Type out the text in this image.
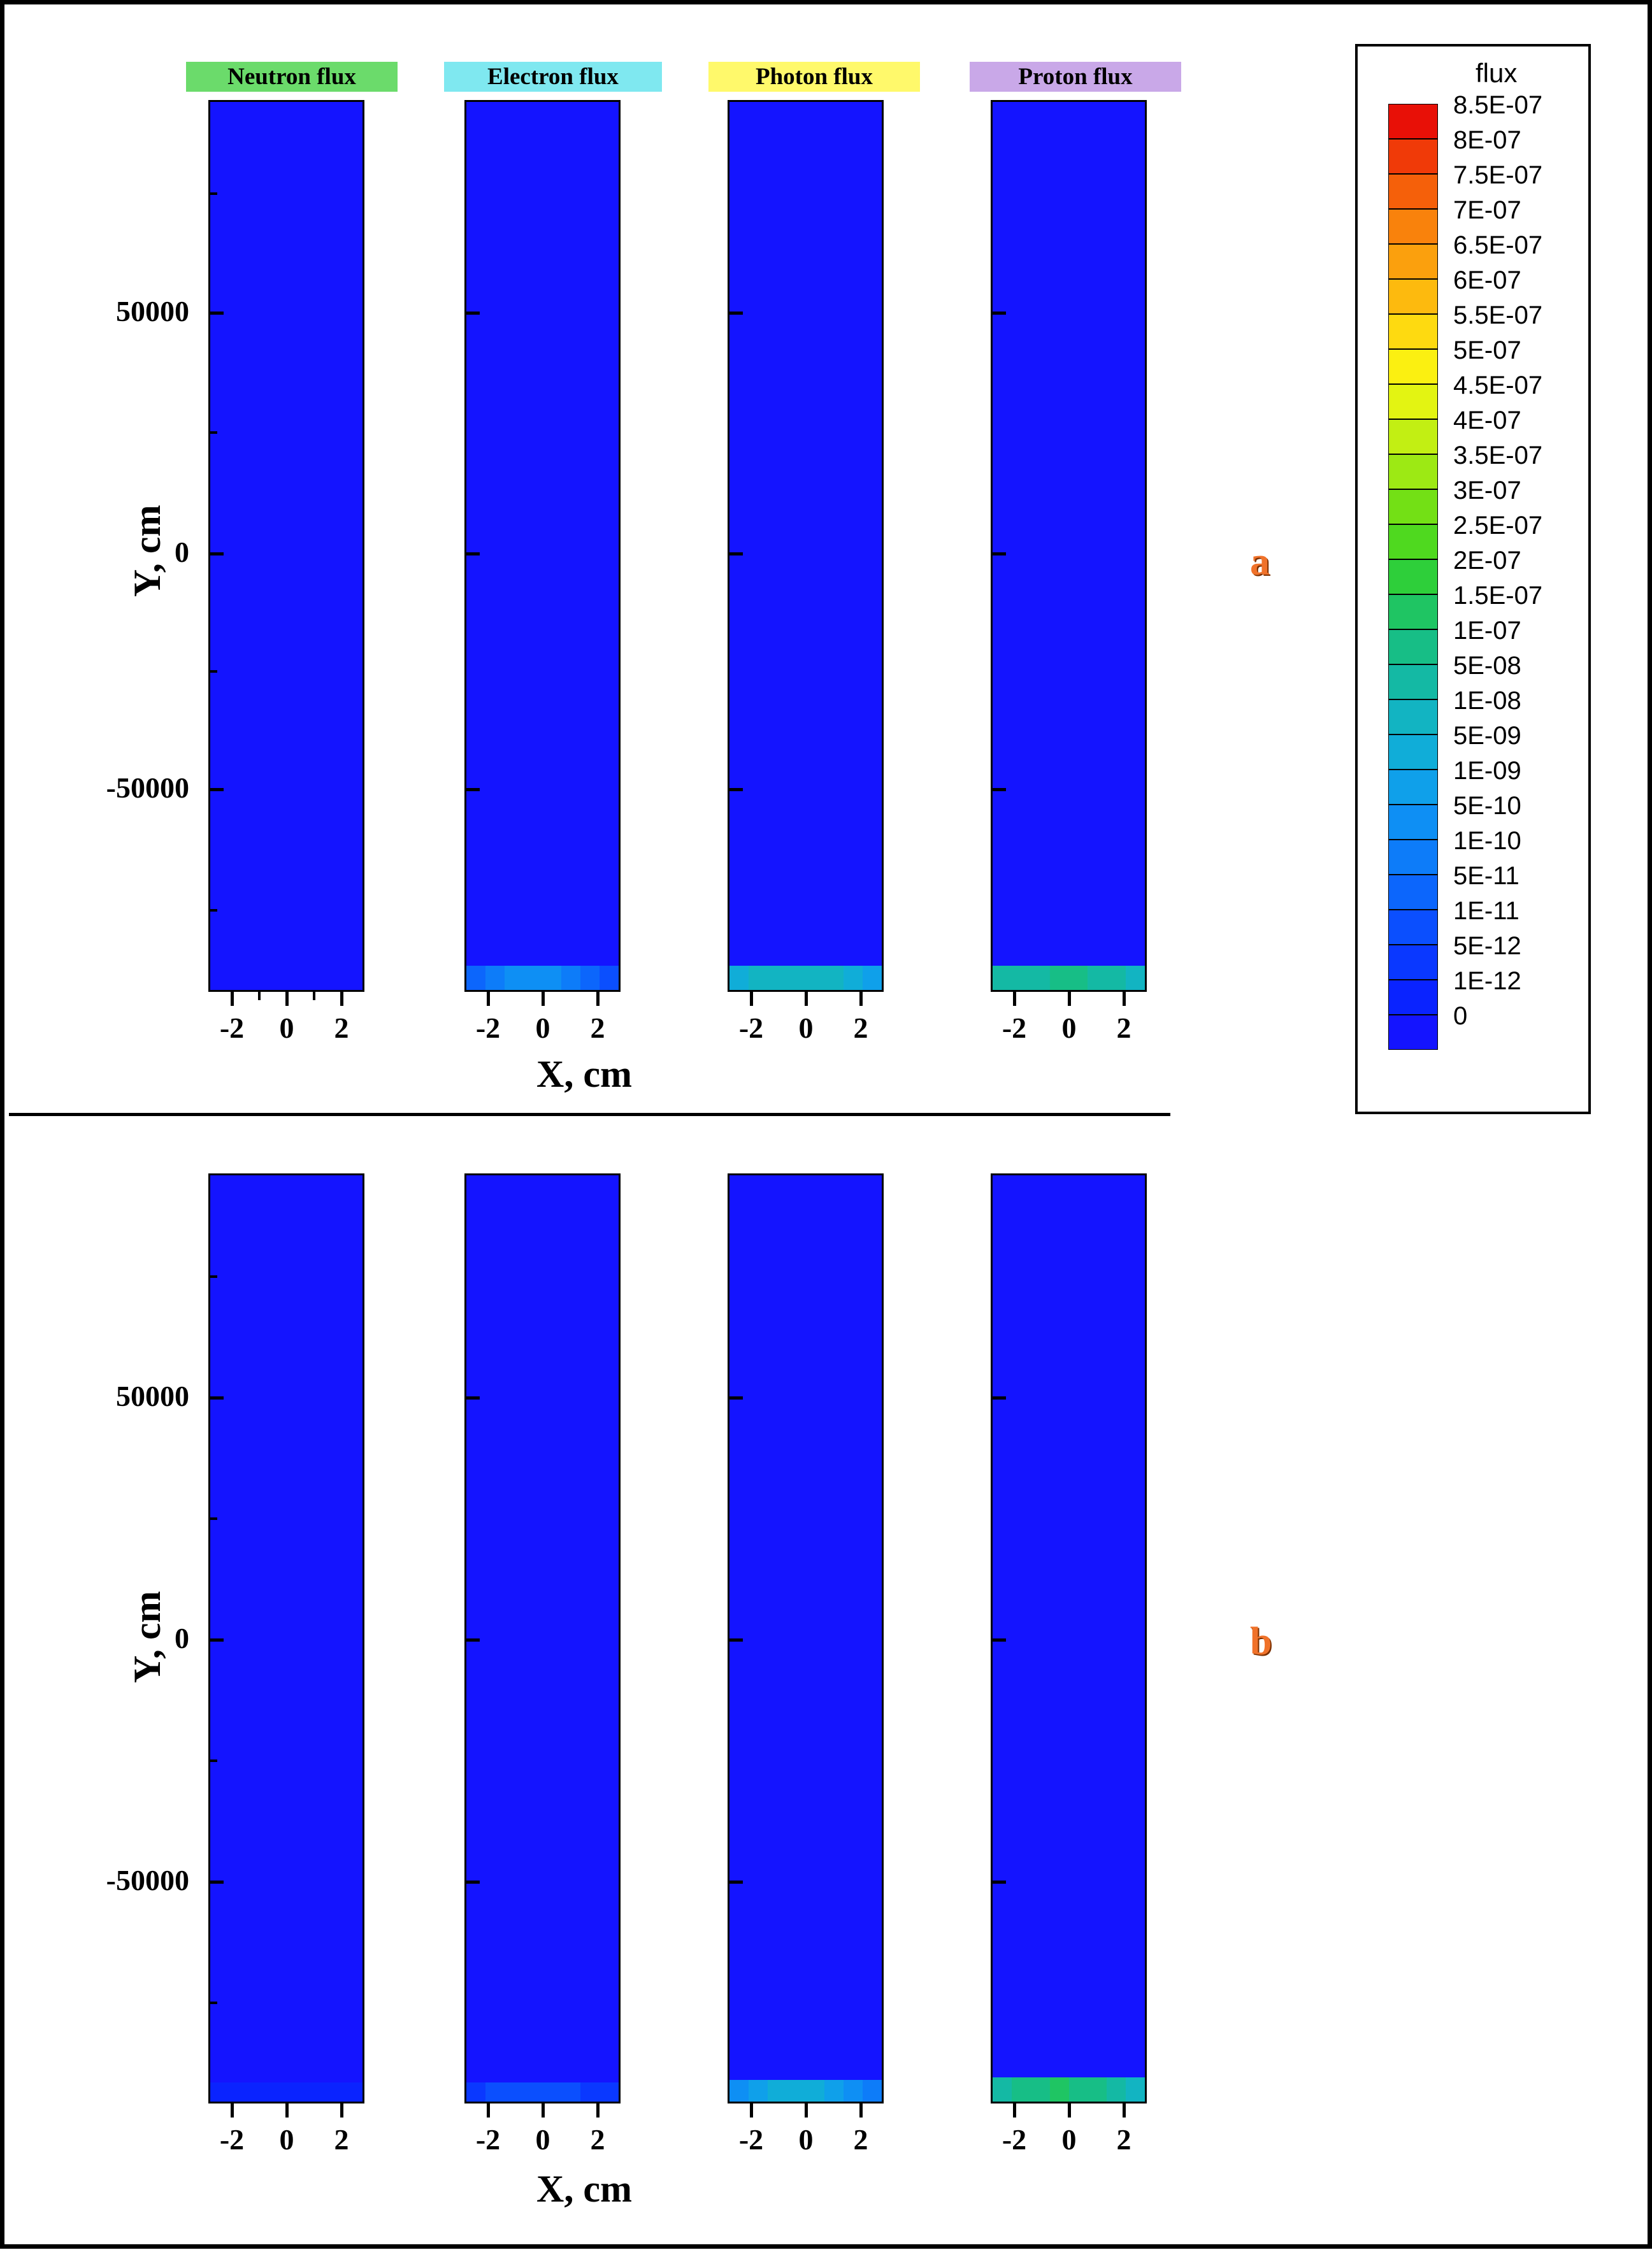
Neutron flux	Electron flux	Photon flux	Proton flux
50000
0
-50000
-2	0	2	-2	0	2	-2	0	2	-2	0	2
X, cm
Y, cm	a
50000
0
-50000
-2	0	2	-2	0	2	-2	0	2	-2	0	2
X, cm
Y, cm	b
flux
8.5E-07
8E-07
7.5E-07
7E-07
6.5E-07
6E-07
5.5E-07
5E-07
4.5E-07
4E-07
3.5E-07
3E-07
2.5E-07
2E-07
1.5E-07
1E-07
5E-08
1E-08
5E-09
1E-09
5E-10
1E-10
5E-11
1E-11
5E-12
1E-12
0
